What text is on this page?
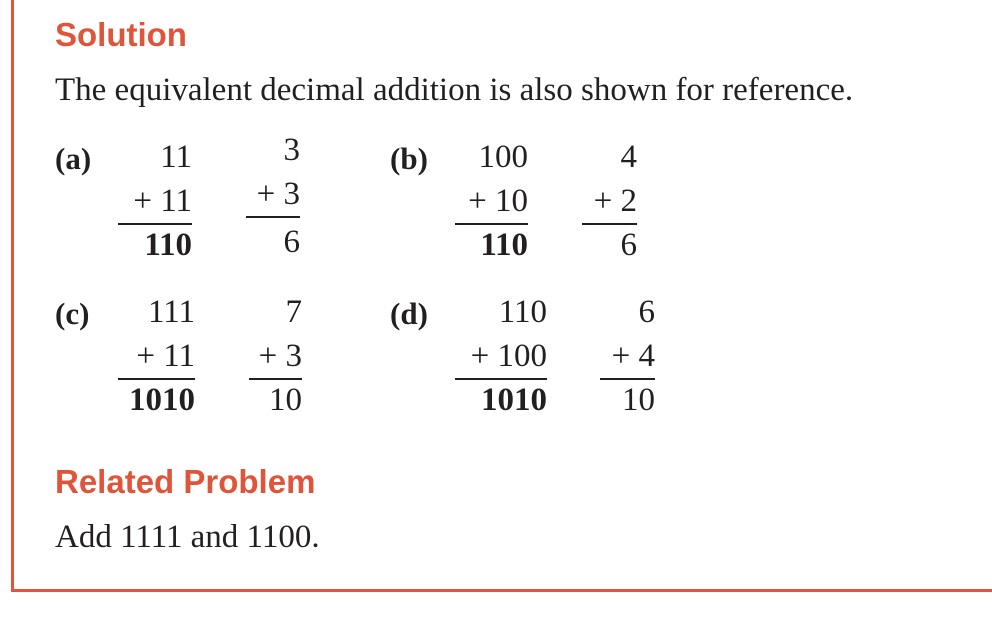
Solution
The equivalent decimal addition is also shown for reference.
(a)	11
+ 11
110
3
+ 3
6
(b)	100
+ 10
110
4
+ 2
6
(c)	111
+ 11
1010
7
+ 3
10
(d)	110
+ 100
1010
6
+ 4
10
Related Problem
Add 1111 and 1100.
